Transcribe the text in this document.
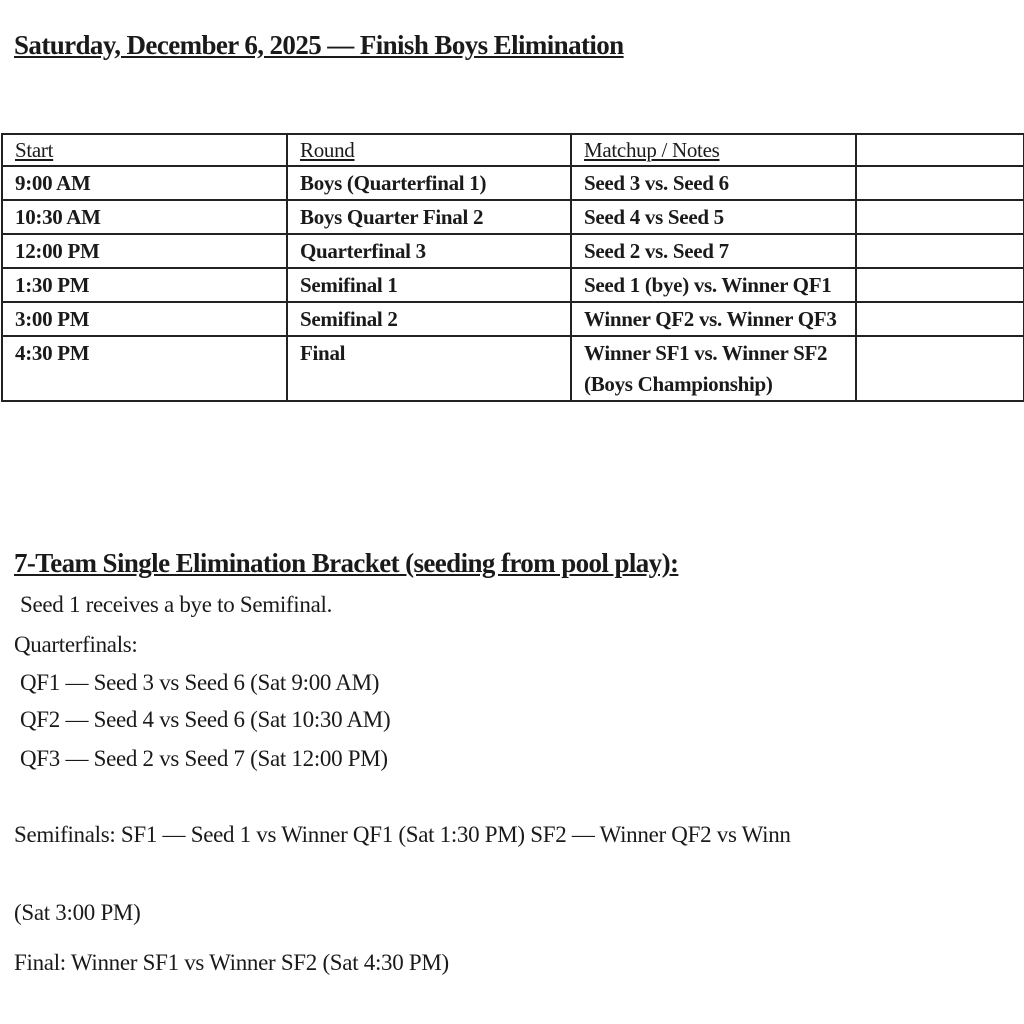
Saturday, December 6, 2025 — Finish Boys Elimination
Start	Round	Matchup / Notes	
9:00 AM	Boys (Quarterfinal 1)	Seed 3 vs. Seed 6	
10:30 AM	Boys Quarter Final 2	Seed 4 vs Seed 5	
12:00 PM	Quarterfinal 3	Seed 2 vs. Seed 7	
1:30 PM	Semifinal 1	Seed 1 (bye) vs. Winner QF1	
3:00 PM	Semifinal 2	Winner QF2 vs. Winner QF3	
4:30 PM	Final	Winner SF1 vs. Winner SF2 (Boys Championship)	
7-Team Single Elimination Bracket (seeding from pool play):
Seed 1 receives a bye to Semifinal.
Quarterfinals:
QF1 — Seed 3 vs Seed 6 (Sat 9:00 AM)
QF2 — Seed 4 vs Seed 6 (Sat 10:30 AM)
QF3 — Seed 2 vs Seed 7 (Sat 12:00 PM)
Semifinals: SF1 — Seed 1 vs Winner QF1 (Sat 1:30 PM) SF2 — Winner QF2 vs Winn
(Sat 3:00 PM)
Final: Winner SF1 vs Winner SF2 (Sat 4:30 PM)
